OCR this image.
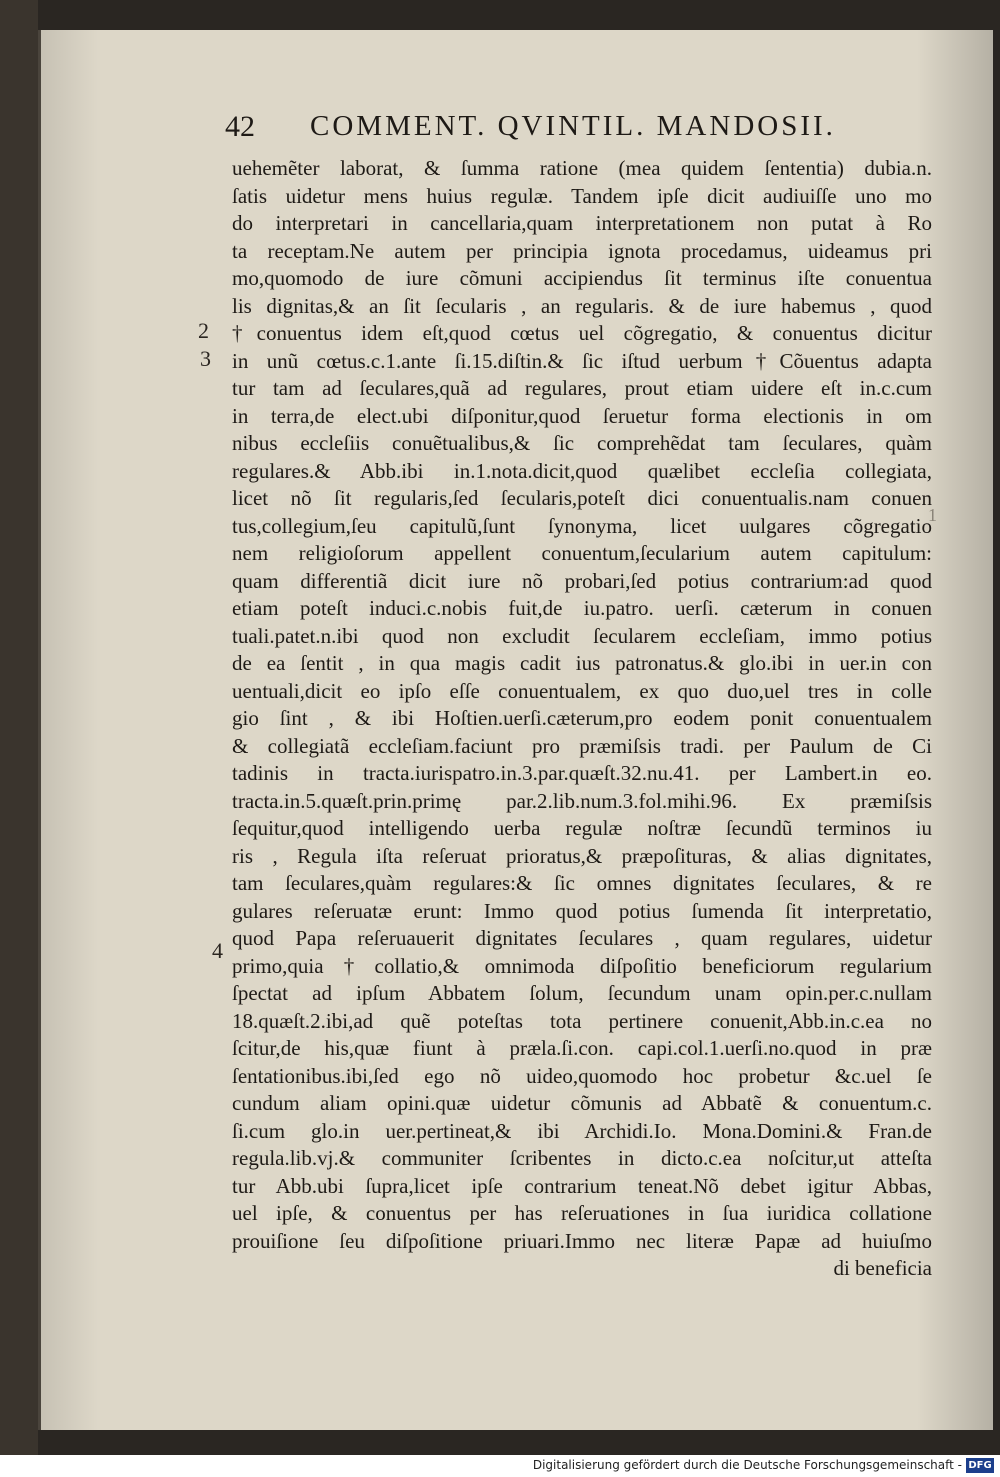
42 COMMENT. QVINTIL. MANDOSII.
2
3
4
1
uehemẽter laborat, & ſumma ratione (mea quidem ſententia) dubia.n.
ſatis uidetur mens huius regulæ. Tandem ipſe dicit audiuiſſe uno mo
do interpretari in cancellaria,quam interpretationem non putat à Ro
ta receptam.Ne autem per principia ignota procedamus, uideamus pri
mo,quomodo de iure cõmuni accipiendus ſit terminus iſte conuentua
lis dignitas,& an ſit ſecularis , an regularis. & de iure habemus , quod
†conuentus idem eſt,quod cœtus uel cõgregatio, & conuentus dicitur
in unũ cœtus.c.1.ante ſi.15.diſtin.& ſic iſtud uerbum†Cõuentus adapta
tur tam ad ſeculares,quã ad regulares, prout etiam uidere eſt in.c.cum
in terra,de elect.ubi diſponitur,quod ſeruetur forma electionis in om
nibus eccleſiis conuẽtualibus,& ſic comprehẽdat tam ſeculares, quàm
regulares.& Abb.ibi in.1.nota.dicit,quod quælibet eccleſia collegiata,
licet nõ ſit regularis,ſed ſecularis,poteſt dici conuentualis.nam conuen
tus,collegium,ſeu capitulũ,ſunt ſynonyma, licet uulgares cõgregatio
nem religioſorum appellent conuentum,ſecularium autem capitulum:
quam differentiã dicit iure nõ probari,ſed potius contrarium:ad quod
etiam poteſt induci.c.nobis fuit,de iu.patro. uerſi. cæterum in conuen
tuali.patet.n.ibi quod non excludit ſecularem eccleſiam, immo potius
de ea ſentit , in qua magis cadit ius patronatus.& glo.ibi in uer.in con
uentuali,dicit eo ipſo eſſe conuentualem, ex quo duo,uel tres in colle
gio ſint , & ibi Hoſtien.uerſi.cæterum,pro eodem ponit conuentualem
& collegiatã eccleſiam.faciunt pro præmiſsis tradi. per Paulum de Ci
tadinis in tracta.iurispatro.in.3.par.quæſt.32.nu.41. per Lambert.in eo.
tracta.in.5.quæſt.prin.primę par.2.lib.num.3.fol.mihi.96. Ex præmiſsis
ſequitur,quod intelligendo uerba regulæ noſtræ ſecundũ terminos iu
ris , Regula iſta reſeruat prioratus,& præpoſituras, & alias dignitates,
tam ſeculares,quàm regulares:& ſic omnes dignitates ſeculares, & re
gulares reſeruatæ erunt: Immo quod potius ſumenda ſit interpretatio,
quod Papa reſeruauerit dignitates ſeculares , quam regulares, uidetur
primo,quia†collatio,& omnimoda diſpoſitio beneficiorum regularium
ſpectat ad ipſum Abbatem ſolum, ſecundum unam opin.per.c.nullam
18.quæſt.2.ibi,ad quẽ poteſtas tota pertinere conuenit,Abb.in.c.ea no
ſcitur,de his,quæ fiunt à præla.ſi.con. capi.col.1.uerſi.no.quod in præ
ſentationibus.ibi,ſed ego nõ uideo,quomodo hoc probetur &c.uel ſe
cundum aliam opini.quæ uidetur cõmunis ad Abbatẽ & conuentum.c.
ſi.cum glo.in uer.pertineat,& ibi Archidi.Io. Mona.Domini.& Fran.de
regula.lib.vj.& communiter ſcribentes in dicto.c.ea noſcitur,ut atteſta
tur Abb.ubi ſupra,licet ipſe contrarium teneat.Nõ debet igitur Abbas,
uel ipſe, & conuentus per has reſeruationes in ſua iuridica collatione
prouiſione ſeu diſpoſitione priuari.Immo nec literæ Papæ ad huiuſmo
di beneficia
Digitalisierung gefördert durch die Deutsche Forschungsgemeinschaft - DFG
